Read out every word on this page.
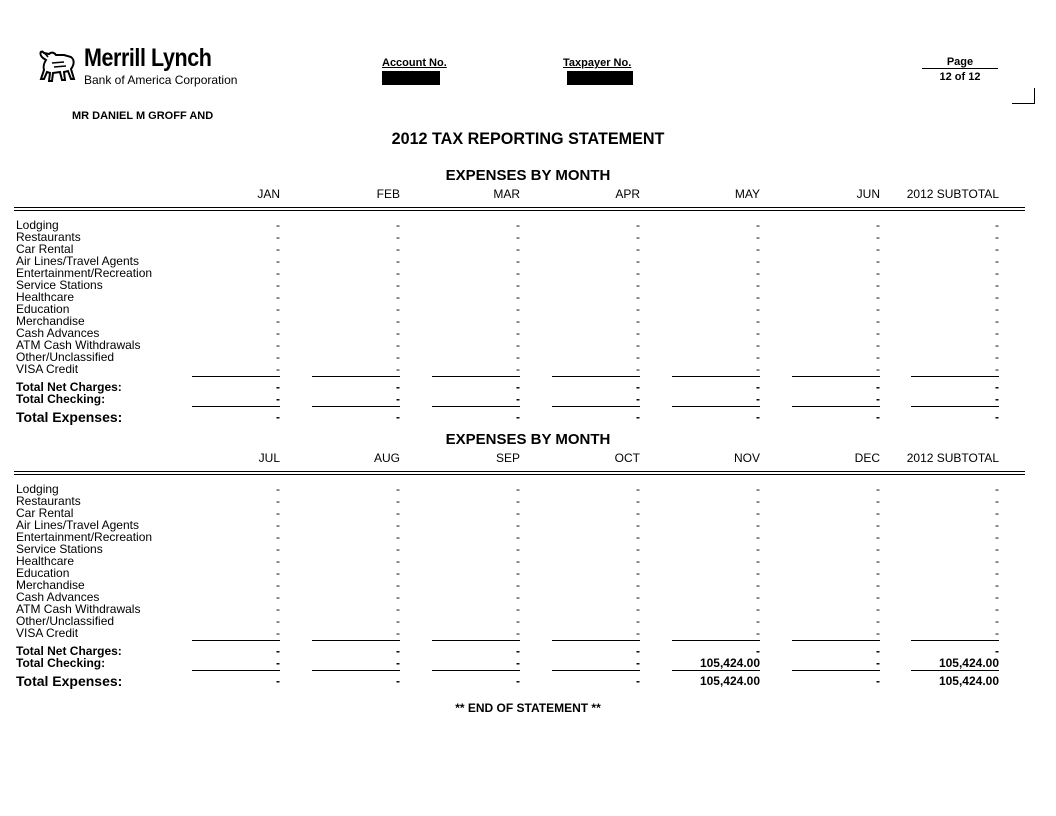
Merrill Lynch
Bank of America Corporation
Account No.	Taxpayer No.	Page
12 of 12
MR DANIEL M GROFF AND
2012 TAX REPORTING STATEMENT
EXPENSES BY MONTH
JAN	FEB	MAR	APR	MAY	JUN	2012 SUBTOTAL
Lodging	-	-	-	-	-	-	-
Restaurants	-	-	-	-	-	-	-
Car Rental	-	-	-	-	-	-	-
Air Lines/Travel Agents	-	-	-	-	-	-	-
Entertainment/Recreation	-	-	-	-	-	-	-
Service Stations	-	-	-	-	-	-	-
Healthcare	-	-	-	-	-	-	-
Education	-	-	-	-	-	-	-
Merchandise	-	-	-	-	-	-	-
Cash Advances	-	-	-	-	-	-	-
ATM Cash Withdrawals	-	-	-	-	-	-	-
Other/Unclassified	-	-	-	-	-	-	-
VISA Credit	-	-	-	-	-	-	-
Total Net Charges:	-	-	-	-	-	-	-
Total Checking:	-	-	-	-	-	-	-
Total Expenses:	-	-	-	-	-	-	-
EXPENSES BY MONTH
JUL	AUG	SEP	OCT	NOV	DEC	2012 SUBTOTAL
Lodging	-	-	-	-	-	-	-
Restaurants	-	-	-	-	-	-	-
Car Rental	-	-	-	-	-	-	-
Air Lines/Travel Agents	-	-	-	-	-	-	-
Entertainment/Recreation	-	-	-	-	-	-	-
Service Stations	-	-	-	-	-	-	-
Healthcare	-	-	-	-	-	-	-
Education	-	-	-	-	-	-	-
Merchandise	-	-	-	-	-	-	-
Cash Advances	-	-	-	-	-	-	-
ATM Cash Withdrawals	-	-	-	-	-	-	-
Other/Unclassified	-	-	-	-	-	-	-
VISA Credit	-	-	-	-	-	-	-
Total Net Charges:	-	-	-	-	-	-	-
Total Checking:	-	-	-	-	105,424.00	-	105,424.00
Total Expenses:	-	-	-	-	105,424.00	-	105,424.00
** END OF STATEMENT **
